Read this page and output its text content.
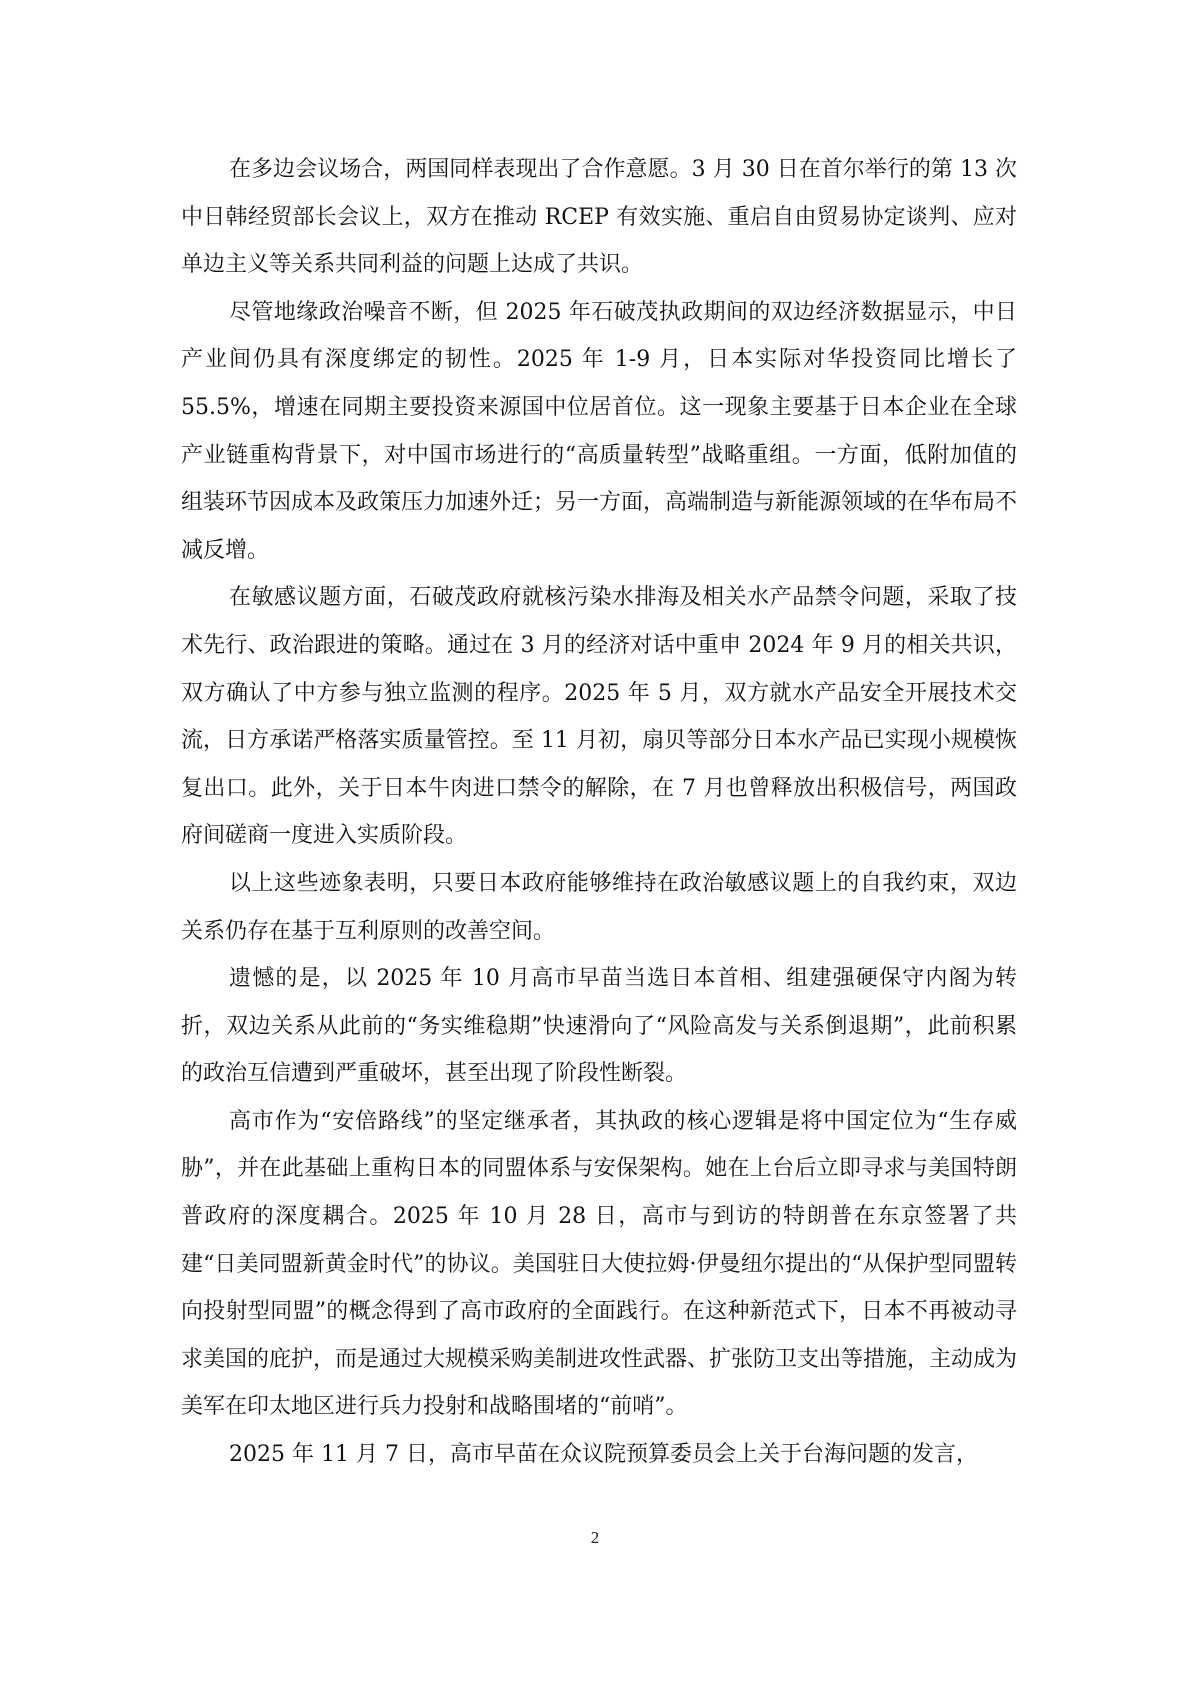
在多边会议场合，两国同样表现出了合作意愿。3 月 30 日在首尔举行的第 13 次中日韩经贸部长会议上，双方在推动 RCEP 有效实施、重启自由贸易协定谈判、应对单边主义等关系共同利益的问题上达成了共识。

尽管地缘政治噪音不断，但 2025 年石破茂执政期间的双边经济数据显示，中日产业间仍具有深度绑定的韧性。2025 年 1-9 月，日本实际对华投资同比增长了 55.5%，增速在同期主要投资来源国中位居首位。这一现象主要基于日本企业在全球产业链重构背景下，对中国市场进行的“高质量转型”战略重组。一方面，低附加值的组装环节因成本及政策压力加速外迁；另一方面，高端制造与新能源领域的在华布局不减反增。

在敏感议题方面，石破茂政府就核污染水排海及相关水产品禁令问题，采取了技术先行、政治跟进的策略。通过在 3 月的经济对话中重申 2024 年 9 月的相关共识，双方确认了中方参与独立监测的程序。2025 年 5 月，双方就水产品安全开展技术交流，日方承诺严格落实质量管控。至 11 月初，扇贝等部分日本水产品已实现小规模恢复出口。此外，关于日本牛肉进口禁令的解除，在 7 月也曾释放出积极信号，两国政府间磋商一度进入实质阶段。

以上这些迹象表明，只要日本政府能够维持在政治敏感议题上的自我约束，双边关系仍存在基于互利原则的改善空间。

遗憾的是，以 2025 年 10 月高市早苗当选日本首相、组建强硬保守内阁为转折，双边关系从此前的“务实维稳期”快速滑向了“风险高发与关系倒退期”，此前积累的政治互信遭到严重破坏，甚至出现了阶段性断裂。

高市作为“安倍路线”的坚定继承者，其执政的核心逻辑是将中国定位为“生存威胁”，并在此基础上重构日本的同盟体系与安保架构。她在上台后立即寻求与美国特朗普政府的深度耦合。2025 年 10 月 28 日，高市与到访的特朗普在东京签署了共建“日美同盟新黄金时代”的协议。美国驻日大使拉姆·伊曼纽尔提出的“从保护型同盟转向投射型同盟”的概念得到了高市政府的全面践行。在这种新范式下，日本不再被动寻求美国的庇护，而是通过大规模采购美制进攻性武器、扩张防卫支出等措施，主动成为美军在印太地区进行兵力投射和战略围堵的“前哨”。

2025 年 11 月 7 日，高市早苗在众议院预算委员会上关于台海问题的发言，

2
